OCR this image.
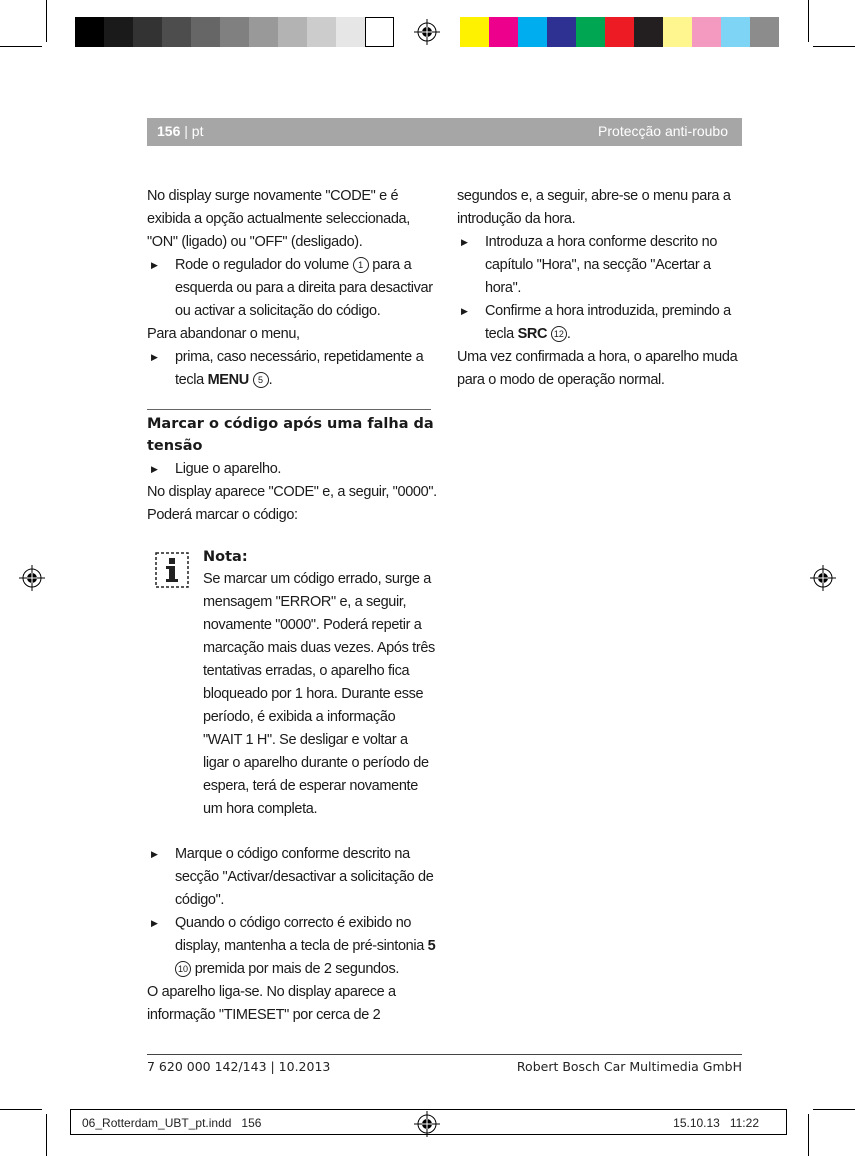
156 | pt	Protecção anti-roubo

No display surge novamente "CODE" e é exibida a opção actualmente seleccionada, "ON" (ligado) ou "OFF" (desligado).

▶ Rode o regulador do volume 1 para a esquerda ou para a direita para desactivar ou activar a solicitação do código.

Para abandonar o menu,

▶ prima, caso necessário, repetidamente a tecla MENU 5 .
Marcar o código após uma falha da tensão
▶ Ligue o aparelho.

No display aparece "CODE" e, a seguir, "0000". Poderá marcar o código:

Nota:

Se marcar um código errado, surge a mensagem "ERROR" e, a seguir, novamente "0000". Poderá repetir a marcação mais duas vezes. Após três tentativas erradas, o aparelho fica bloqueado por 1 hora. Durante esse período, é exibida a informação "WAIT 1 H". Se desligar e voltar a ligar o aparelho durante o período de espera, terá de esperar novamente um hora completa.

▶ Marque o código conforme descrito na secção "Activar/desactivar a solicitação de código".
▶ Quando o código correcto é exibido no display, mantenha a tecla de pré-sintonia 5 10 premida por mais de 2 segundos.

O aparelho liga-se. No display aparece a informação "TIMESET" por cerca de 2

segundos e, a seguir, abre-se o menu para a introdução da hora.

▶ Introduza a hora conforme descrito no capítulo "Hora", na secção "Acertar a hora".
▶ Confirme a hora introduzida, premindo a tecla SRC 12 .

Uma vez confirmada a hora, o aparelho muda para o modo de operação normal.

7 620 000 142/143 | 10.2013	Robert Bosch Car Multimedia GmbH
06_Rotterdam_UBT_pt.indd   156	15.10.13   11:22
